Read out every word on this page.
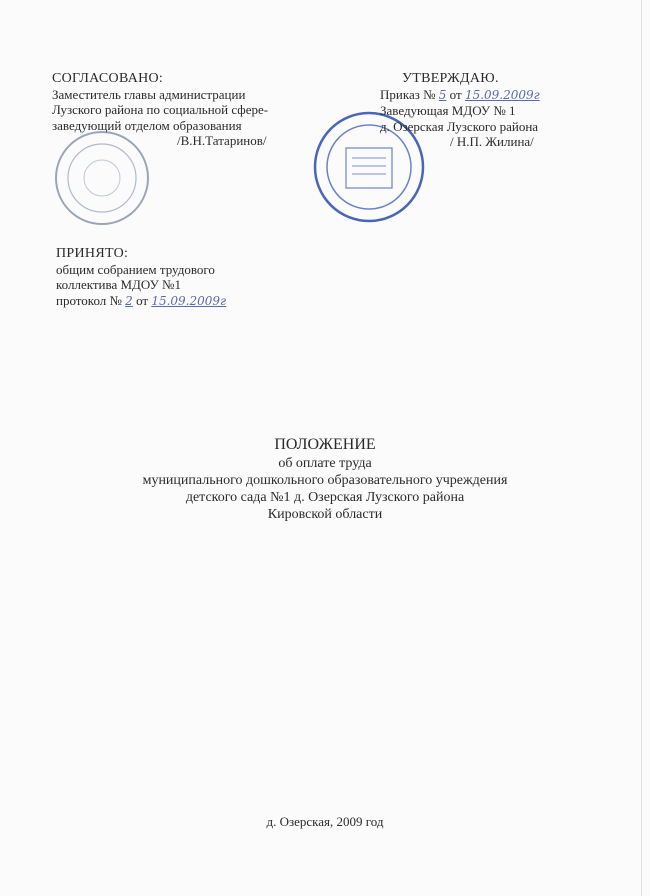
СОГЛАСОВАНО:
Заместитель главы администрации
Лузского района по социальной сфере-
заведующий отделом образования
/В.Н.Татаринов/
УТВЕРЖДАЮ.
Приказ № 5 от 15.09.2009г
Заведующая МДОУ № 1
д. Озерская Лузского района
/ Н.П. Жилина/
ПРИНЯТО:
общим собранием трудового
коллектива МДОУ №1
протокол № 2 от 15.09.2009г
ПОЛОЖЕНИЕ
об оплате труда
муниципального дошкольного образовательного учреждения
детского сада №1 д. Озерская Лузского района
Кировской области
д. Озерская, 2009 год
